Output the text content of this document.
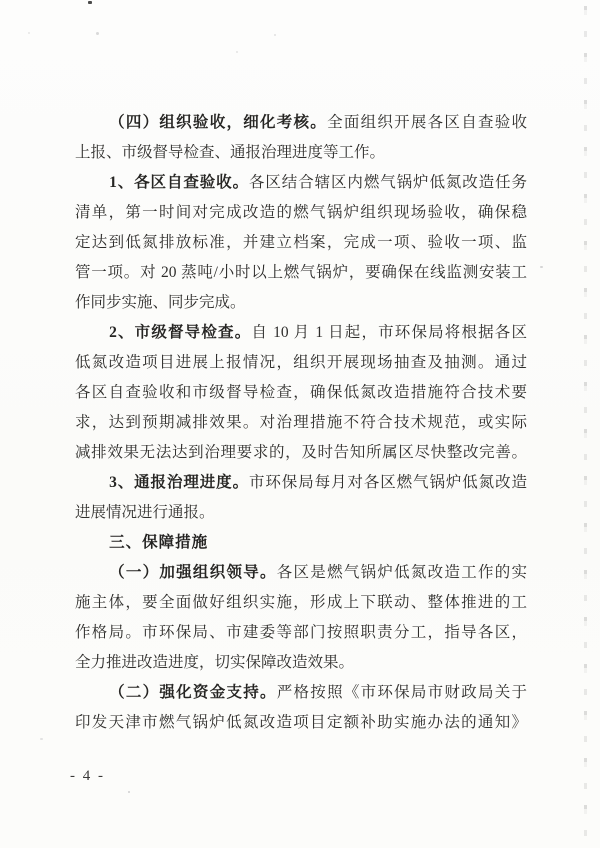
（四）组织验收，细化考核。全面组织开展各区自查验收
上报、市级督导检查、通报治理进度等工作。
1、各区自查验收。各区结合辖区内燃气锅炉低氮改造任务
清单，第一时间对完成改造的燃气锅炉组织现场验收，确保稳
定达到低氮排放标准，并建立档案，完成一项、验收一项、监
管一项。对 20 蒸吨/小时以上燃气锅炉，要确保在线监测安装工
作同步实施、同步完成。
2、市级督导检查。自 10 月 1 日起，市环保局将根据各区
低氮改造项目进展上报情况，组织开展现场抽查及抽测。通过
各区自查验收和市级督导检查，确保低氮改造措施符合技术要
求，达到预期减排效果。对治理措施不符合技术规范，或实际
减排效果无法达到治理要求的，及时告知所属区尽快整改完善。
3、通报治理进度。市环保局每月对各区燃气锅炉低氮改造
进展情况进行通报。
三、保障措施
（一）加强组织领导。各区是燃气锅炉低氮改造工作的实
施主体，要全面做好组织实施，形成上下联动、整体推进的工
作格局。市环保局、市建委等部门按照职责分工，指导各区，
全力推进改造进度，切实保障改造效果。
（二）强化资金支持。严格按照《市环保局市财政局关于
印发天津市燃气锅炉低氮改造项目定额补助实施办法的通知》
- 4 -
